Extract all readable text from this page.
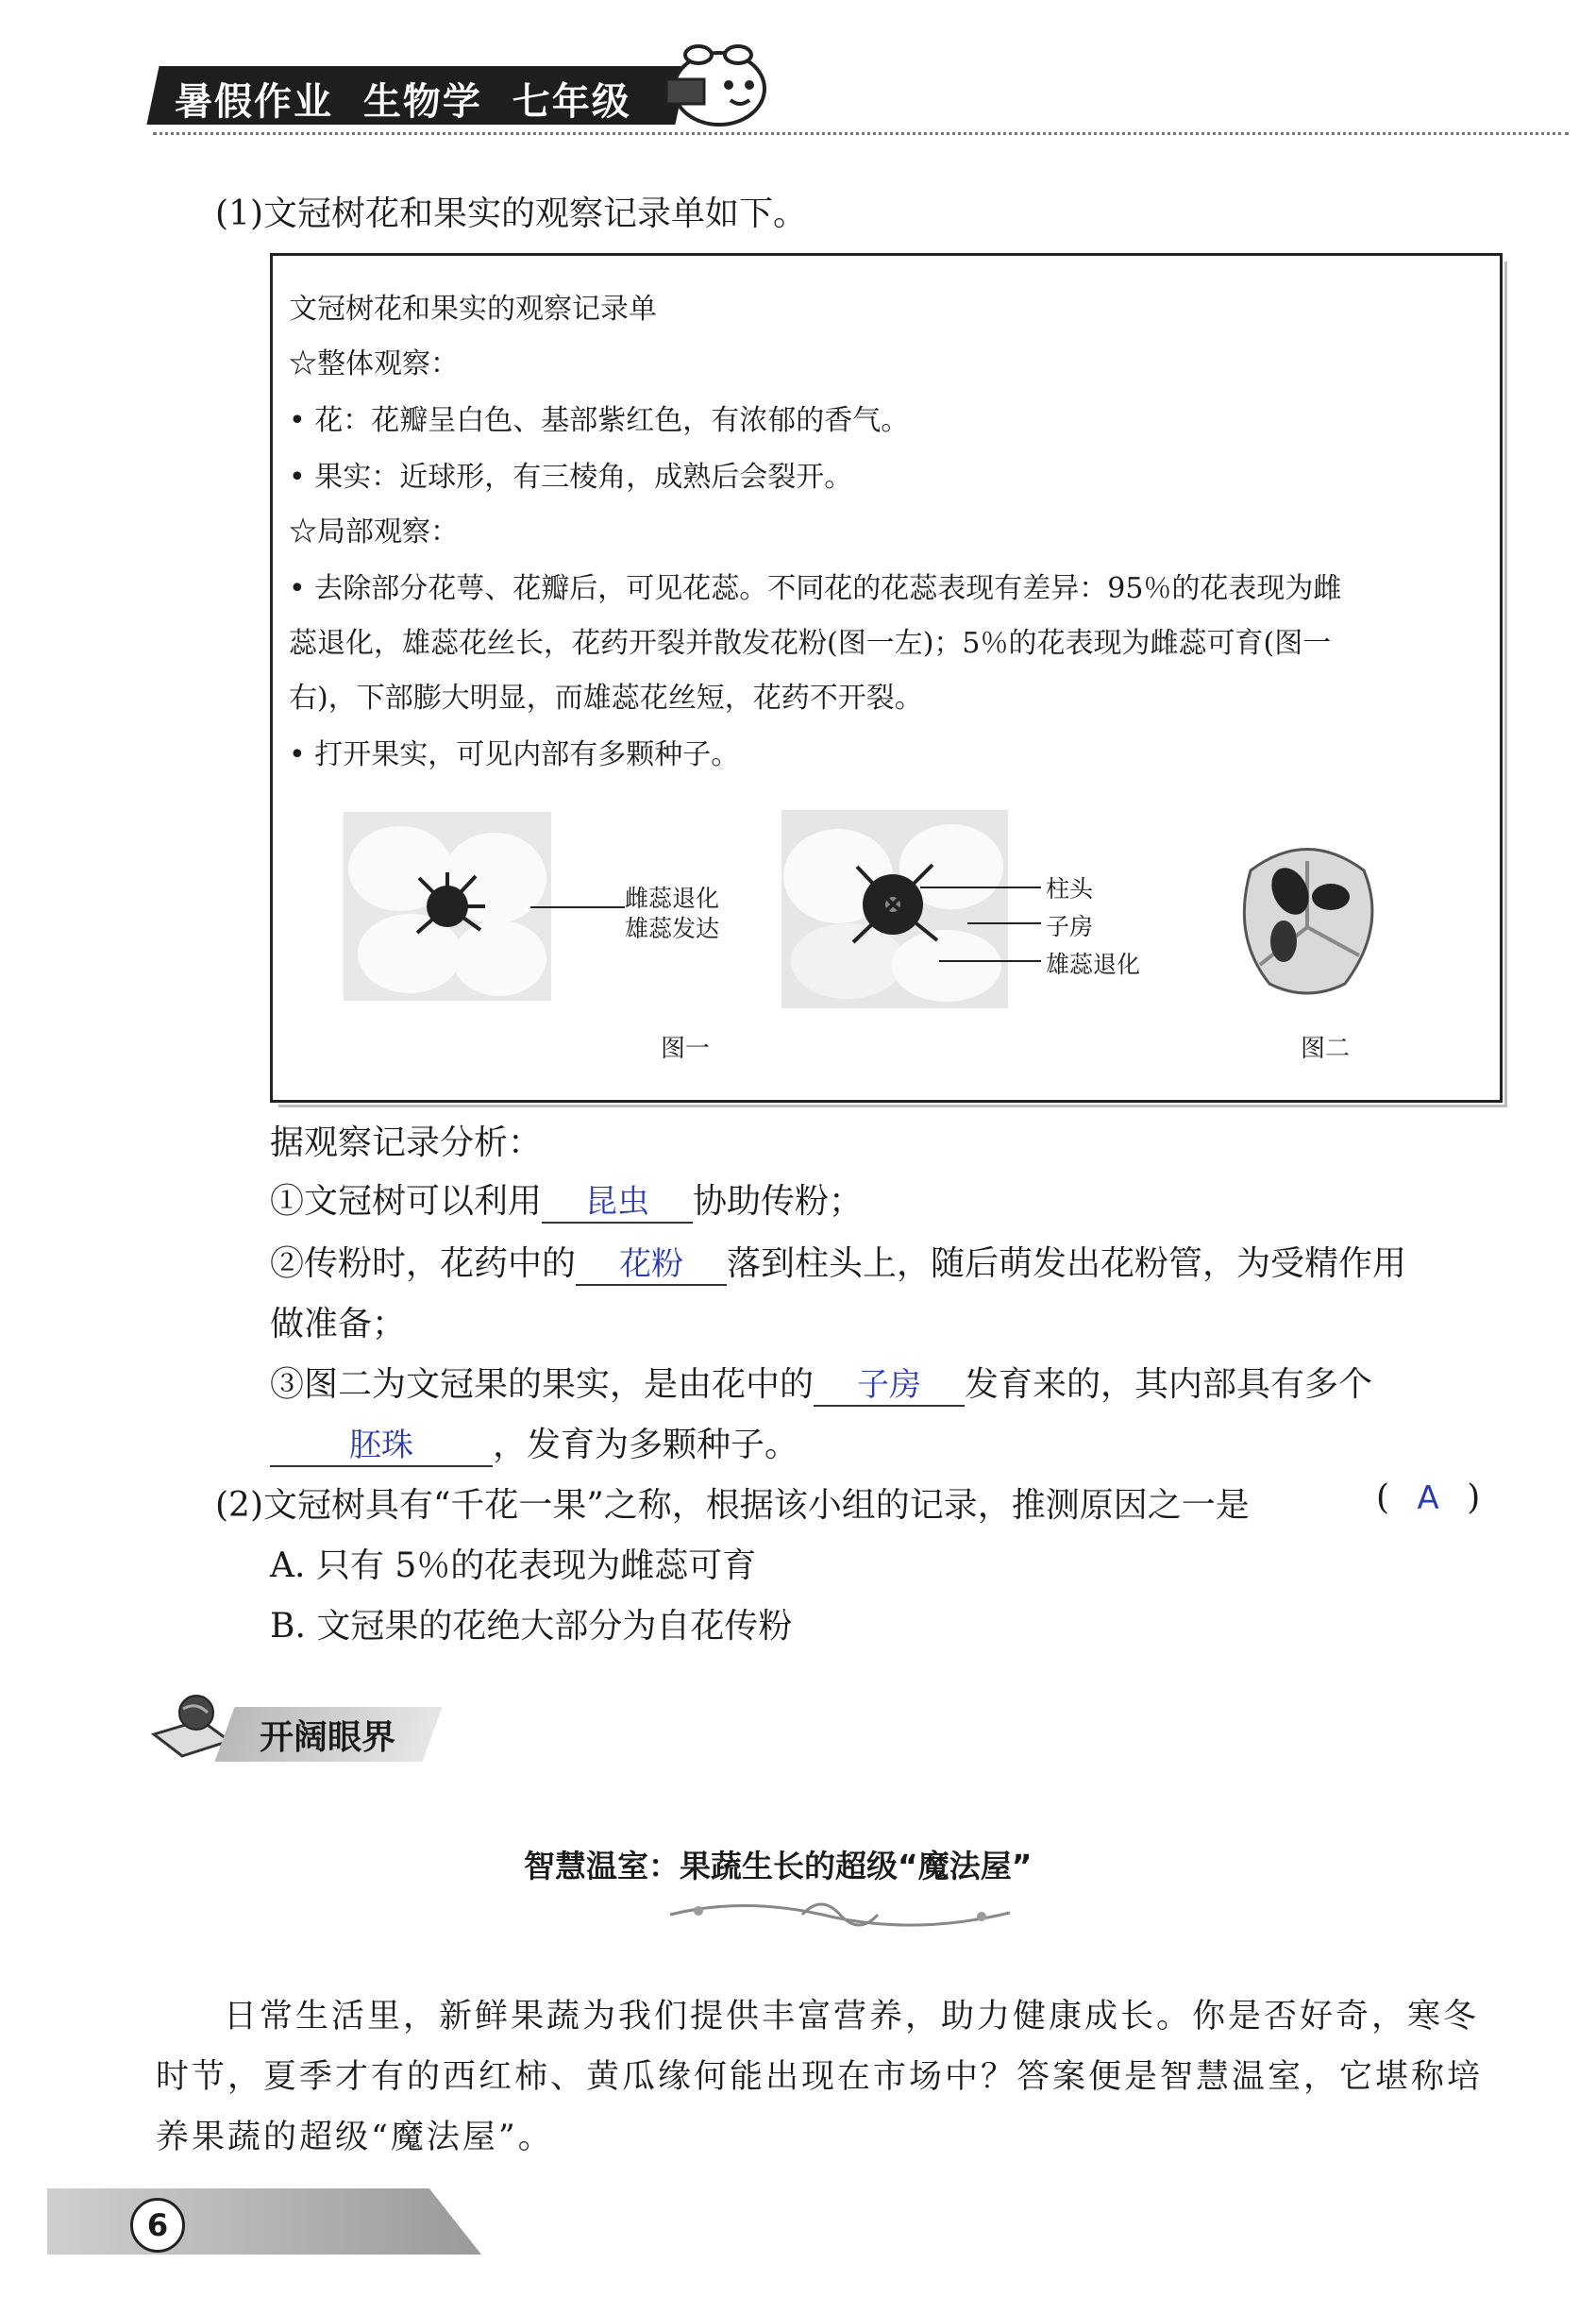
暑假作业  生物学  七年级
(1)文冠树花和果实的观察记录单如下。
文冠树花和果实的观察记录单
☆整体观察：
• 花：花瓣呈白色、基部紫红色，有浓郁的香气。
• 果实：近球形，有三棱角，成熟后会裂开。
☆局部观察：
• 去除部分花萼、花瓣后，可见花蕊。不同花的花蕊表现有差异：95％的花表现为雌
蕊退化，雄蕊花丝长，花药开裂并散发花粉(图一左)；5％的花表现为雌蕊可育(图一
右)，下部膨大明显，而雄蕊花丝短，花药不开裂。
• 打开果实，可见内部有多颗种子。
雌蕊退化
雄蕊发达
柱头
子房
雄蕊退化
图一	图二
据观察记录分析：
①文冠树可以利用 昆虫 协助传粉；
②传粉时，花药中的 花粉 落到柱头上，随后萌发出花粉管，为受精作用
做准备；
③图二为文冠果的果实，是由花中的 子房 发育来的，其内部具有多个
胚珠 ，发育为多颗种子。
(2)文冠树具有“千花一果”之称，根据该小组的记录，推测原因之一是	( A )
A. 只有 5％的花表现为雌蕊可育
B. 文冠果的花绝大部分为自花传粉
开阔眼界
智慧温室：果蔬生长的超级“魔法屋”

日常生活里，新鲜果蔬为我们提供丰富营养，助力健康成长。你是否好奇，寒冬时节，夏季才有的西红柿、黄瓜缘何能出现在市场中？答案便是智慧温室，它堪称培养果蔬的超级“魔法屋”。

6
